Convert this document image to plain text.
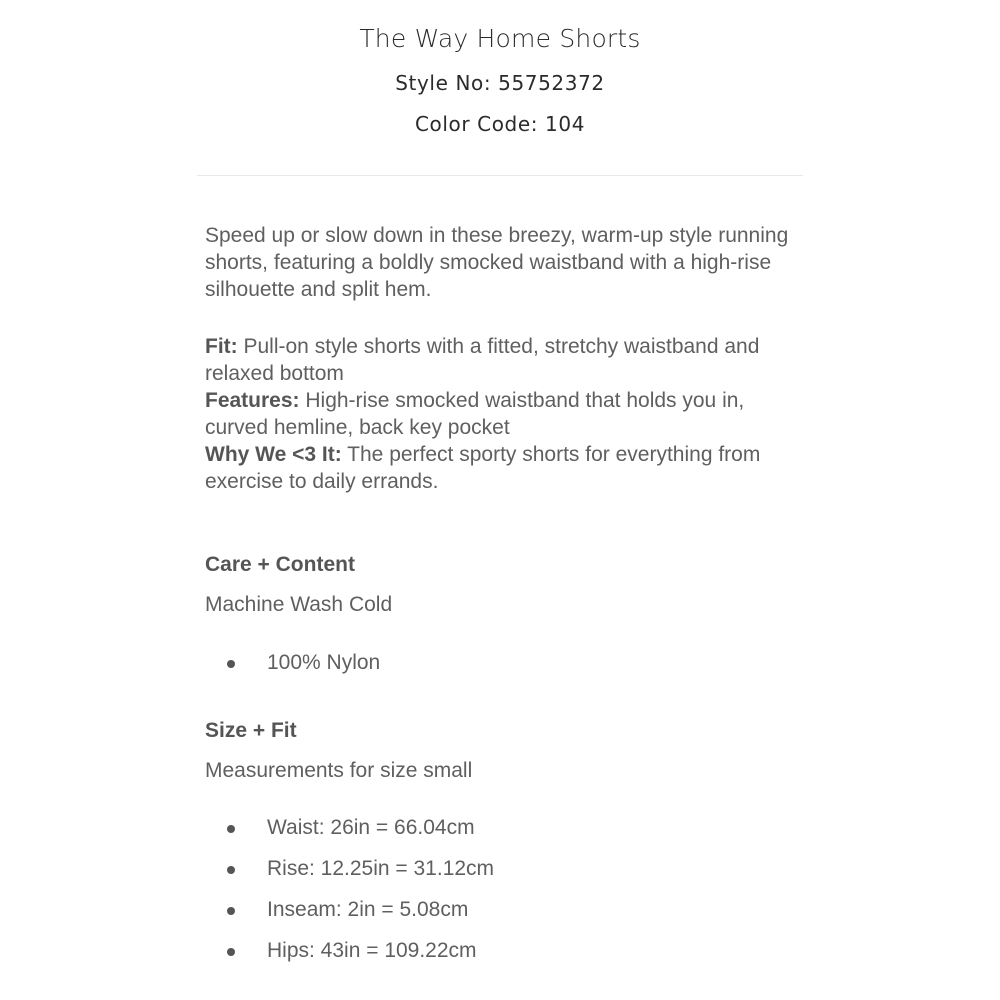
The Way Home Shorts

Style No: 55752372

Color Code: 104

Speed up or slow down in these breezy, warm-up style running shorts, featuring a boldly smocked waistband with a high-rise silhouette and split hem.

Fit: Pull-on style shorts with a fitted, stretchy waistband and relaxed bottom

Features: High-rise smocked waistband that holds you in, curved hemline, back key pocket

Why We <3 It: The perfect sporty shorts for everything from exercise to daily errands.

Care + Content

Machine Wash Cold

100% Nylon
Size + Fit

Measurements for size small

Waist: 26in = 66.04cm
Rise: 12.25in = 31.12cm
Inseam: 2in = 5.08cm
Hips: 43in = 109.22cm
